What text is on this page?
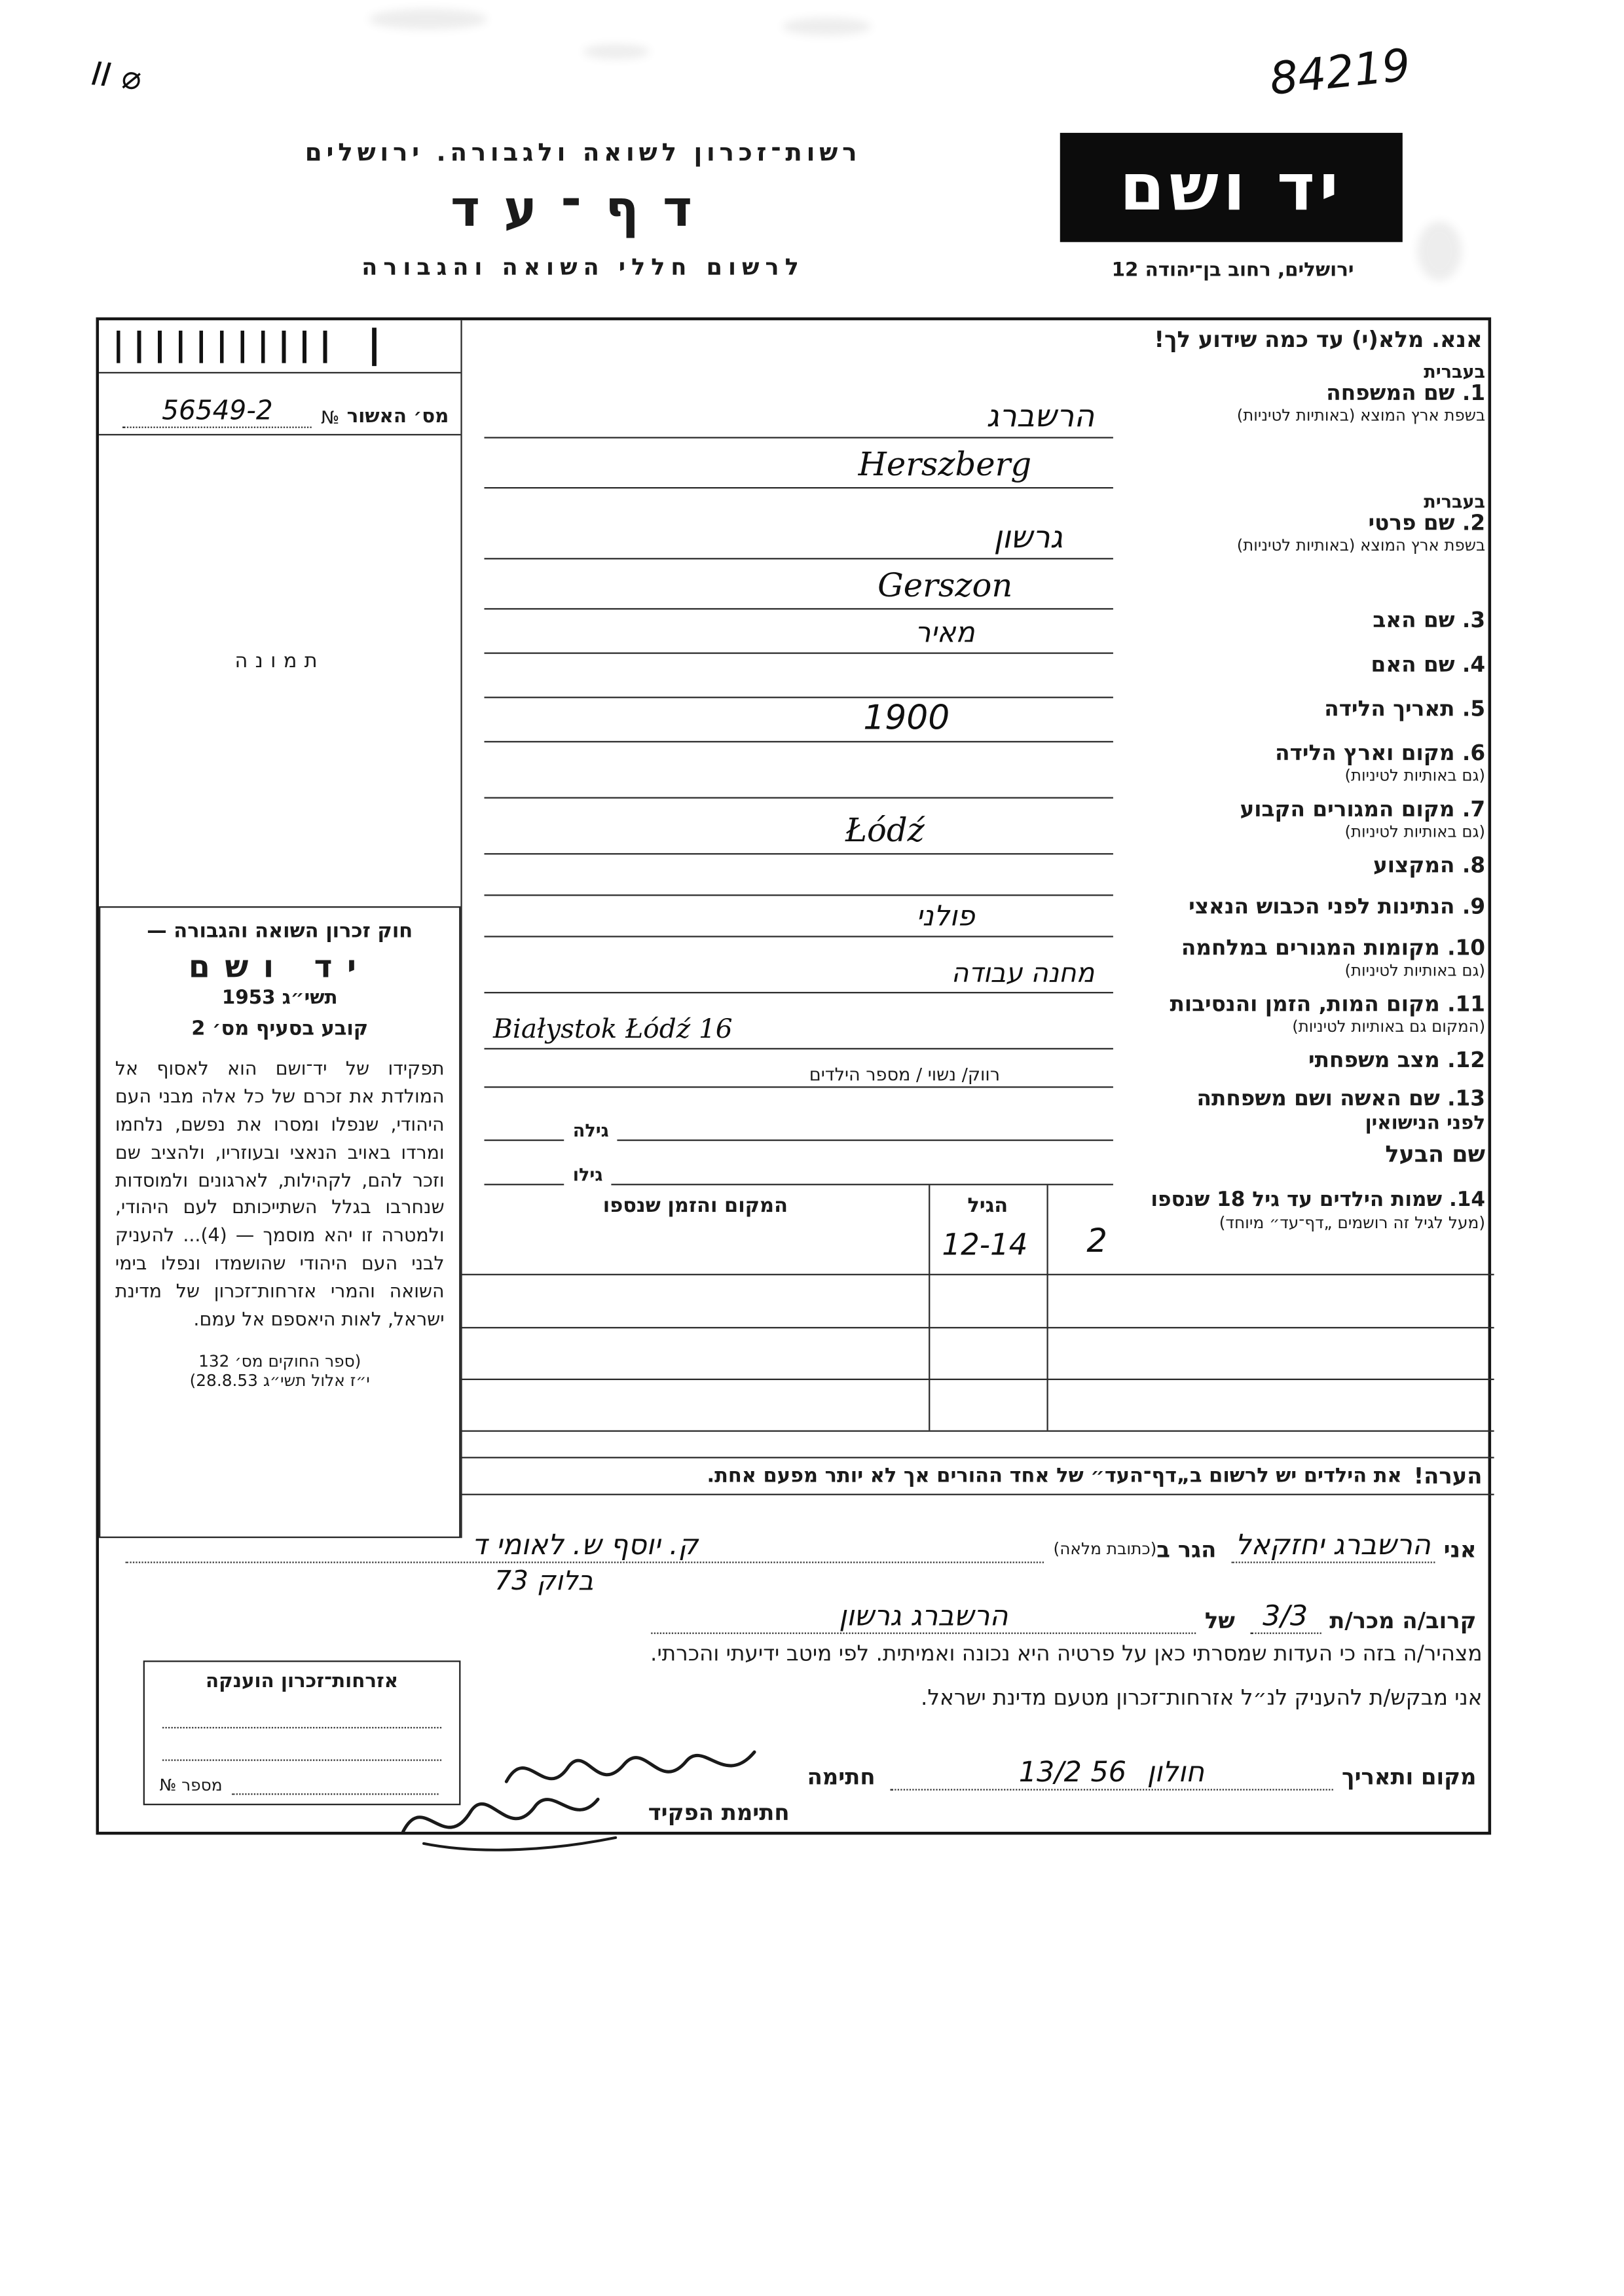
84219
II ⌀
רשות־זכרון לשואה ולגבורה. ירושלים
דף־עד
לרשום חללי השואה והגבורה
יד ושם
ירושלים, רחוב בן־יהודה 12
מס׳ האשור
№
56549-2
תמונה
חוק זכרון השואה והגבורה —
יד ושם
תשי״ג 1953
קובע בסעיף מס׳ 2
תפקידו של יד־ושם הוא לאסוף אל המולדת את זכרם של כל אלה מבני העם היהודי, שנפלו ומסרו את נפשם, נלחמו ומרדו באויב הנאצי ובעוזריו, ולהציב שם וזכר להם, לקהילות, לארגונים ולמוסדות שנחרבו בגלל השתייכותם לעם היהודי, ולמטרה זו יהא מוסמך — (4)... להעניק לבני העם היהודי שהושמדו ונפלו בימי השואה והמרי אזרחות־זכרון של מדינת ישראל, לאות היאספם אל עמם.
(ספר החוקים מס׳ 132
י״ז אלול תשי״ג 28.8.53)
אנא. מלא(י) עד כמה שידוע לך!
בעברית
1. שם המשפחה
בשפת ארץ המוצא (באותיות לטיניות)
הרשברג
Herszberg
בעברית
2. שם פרטי
בשפת ארץ המוצא (באותיות לטיניות)
גרשון
Gerszon
3. שם האב
מאיר
4. שם האם
5. תאריך הלידה
1900
6. מקום וארץ הלידה
(גם באותיות לטיניות)
7. מקום המגורים הקבוע
(גם באותיות לטיניות)
Łódź
8. המקצוע
9. הנתינות לפני הכבוש הנאצי
פולני
10. מקומות המגורים במלחמה
(גם באותיות לטיניות)
מחנה עבודה
11. מקום המות, הזמן והנסיבות
(המקום גם באותיות לטיניות)
Białystok Łódź 16
12. מצב משפחתי
רווק/ נשוי / מספר הילדים
13. שם האשה ושם משפחתה
לפני הנישואין
גילה
שם הבעל
גילו
14. שמות הילדים עד גיל 18 שנספו
(מעל לגיל זה רושמים „דף־עד״ מיוחד)
המקום והזמן שנספו	הגיל
12-14	2
הערה!
את הילדים יש לרשום ב„דף־העד״ של אחד ההורים אך לא יותר מפעם אחת.
אני
הרשברג יחזקאל
הגר ב
(כתובת מלאה)
ק. יוסף ש. לאומי ד
בלוק 73
קרוב/ה מכר/ת
3/3
של
הרשברג גרשון
מצהיר/ה בזה כי העדות שמסרתי כאן על פרטיה היא נכונה ואמיתית. לפי מיטב ידיעתי והכרתי.
אני מבקש/ת להעניק לנ״ל אזרחות־זכרון מטעם מדינת ישראל.
מקום ותאריך
חולון
13/2 56
חתימה
חתימת הפקיד
אזרחות־זכרון הוענקה
מספר №
